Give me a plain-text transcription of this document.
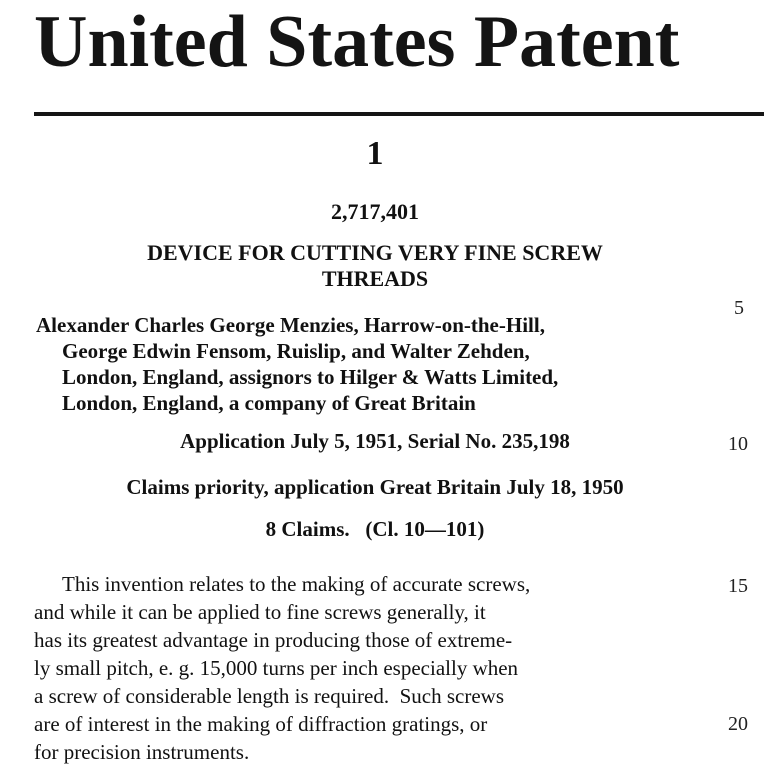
United States Patent
1
2,717,401
DEVICE FOR CUTTING VERY FINE SCREW
THREADS
Alexander Charles George Menzies, Harrow-on-the-Hill,
George Edwin Fensom, Ruislip, and Walter Zehden,
London, England, assignors to Hilger & Watts Limited,
London, England, a company of Great Britain
Application July 5, 1951, Serial No. 235,198
Claims priority, application Great Britain July 18, 1950
8 Claims.   (Cl. 10—101)
This invention relates to the making of accurate screws,
and while it can be applied to fine screws generally, it
has its greatest advantage in producing those of extreme-
ly small pitch, e. g. 15,000 turns per inch especially when
a screw of considerable length is required.  Such screws
are of interest in the making of diffraction gratings, or
for precision instruments.
5
10
15
20
